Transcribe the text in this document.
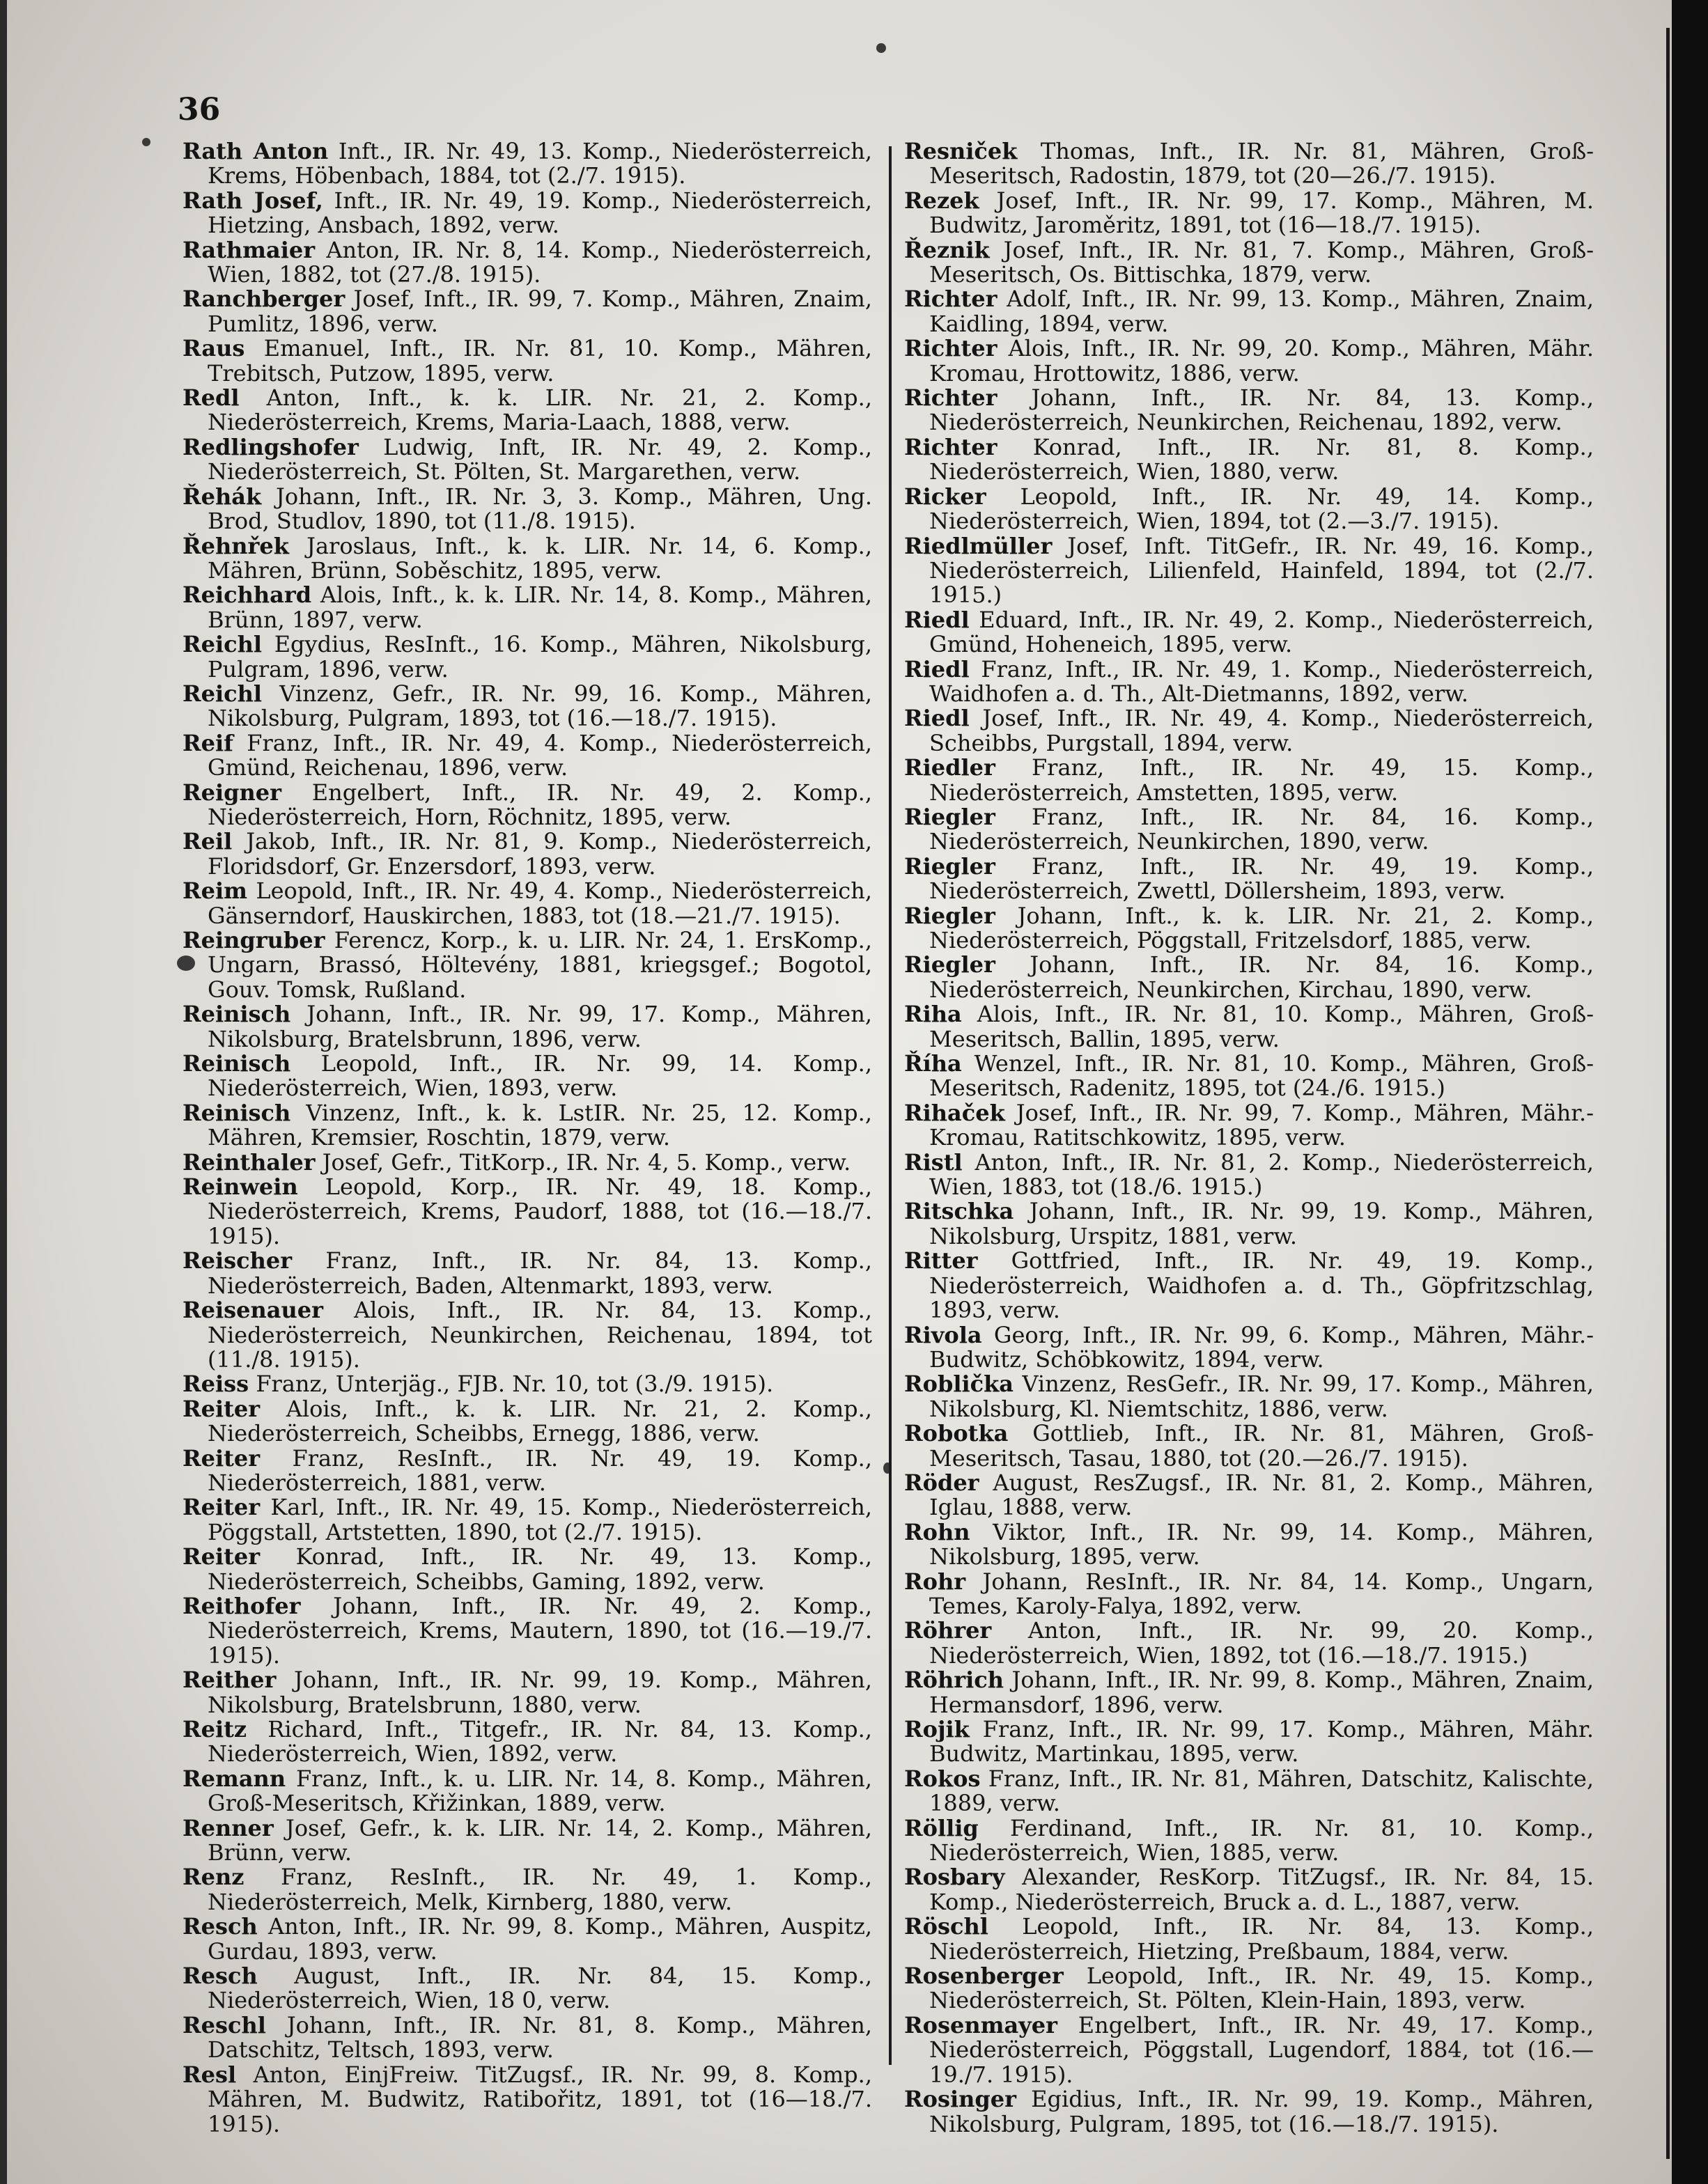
36
Rath Anton Inft., IR. Nr. 49, 13. Komp., Niederösterreich, Krems, Höbenbach, 1884, tot (2./7. 1915).
Rath Josef, Inft., IR. Nr. 49, 19. Komp., Niederösterreich, Hietzing, Ansbach, 1892, verw.
Rathmaier Anton, IR. Nr. 8, 14. Komp., Niederösterreich, Wien, 1882, tot (27./8. 1915).
Ranchberger Josef, Inft., IR. 99, 7. Komp., Mähren, Znaim, Pumlitz, 1896, verw.
Raus Emanuel, Inft., IR. Nr. 81, 10. Komp., Mähren, Trebitsch, Putzow, 1895, verw.
Redl Anton, Inft., k. k. LIR. Nr. 21, 2. Komp., Niederösterreich, Krems, Maria-Laach, 1888, verw.
Redlingshofer Ludwig, Inft, IR. Nr. 49, 2. Komp., Niederösterreich, St. Pölten, St. Margarethen, verw.
Řehák Johann, Inft., IR. Nr. 3, 3. Komp., Mähren, Ung. Brod, Studlov, 1890, tot (11./8. 1915).
Řehnřek Jaroslaus, Inft., k. k. LIR. Nr. 14, 6. Komp., Mähren, Brünn, Soběschitz, 1895, verw.
Reichhard Alois, Inft., k. k. LIR. Nr. 14, 8. Komp., Mähren, Brünn, 1897, verw.
Reichl Egydius, ResInft., 16. Komp., Mähren, Nikolsburg, Pulgram, 1896, verw.
Reichl Vinzenz, Gefr., IR. Nr. 99, 16. Komp., Mähren, Nikolsburg, Pulgram, 1893, tot (16.—18./7. 1915).
Reif Franz, Inft., IR. Nr. 49, 4. Komp., Niederösterreich, Gmünd, Reichenau, 1896, verw.
Reigner Engelbert, Inft., IR. Nr. 49, 2. Komp., Niederösterreich, Horn, Röchnitz, 1895, verw.
Reil Jakob, Inft., IR. Nr. 81, 9. Komp., Niederösterreich, Floridsdorf, Gr. Enzersdorf, 1893, verw.
Reim Leopold, Inft., IR. Nr. 49, 4. Komp., Niederösterreich, Gänserndorf, Hauskirchen, 1883, tot (18.—21./7. 1915).
Reingruber Ferencz, Korp., k. u. LIR. Nr. 24, 1. ErsKomp., Ungarn, Brassó, Höltevény, 1881, kriegsgef.; Bogotol, Gouv. Tomsk, Rußland.
Reinisch Johann, Inft., IR. Nr. 99, 17. Komp., Mähren, Nikolsburg, Bratelsbrunn, 1896, verw.
Reinisch Leopold, Inft., IR. Nr. 99, 14. Komp., Niederösterreich, Wien, 1893, verw.
Reinisch Vinzenz, Inft., k. k. LstIR. Nr. 25, 12. Komp., Mähren, Kremsier, Roschtin, 1879, verw.
Reinthaler Josef, Gefr., TitKorp., IR. Nr. 4, 5. Komp., verw.
Reinwein Leopold, Korp., IR. Nr. 49, 18. Komp., Niederösterreich, Krems, Paudorf, 1888, tot (16.—18./7. 1915).
Reischer Franz, Inft., IR. Nr. 84, 13. Komp., Niederösterreich, Baden, Altenmarkt, 1893, verw.
Reisenauer Alois, Inft., IR. Nr. 84, 13. Komp., Niederösterreich, Neunkirchen, Reichenau, 1894, tot (11./8. 1915).
Reiss Franz, Unterjäg., FJB. Nr. 10, tot (3./9. 1915).
Reiter Alois, Inft., k. k. LIR. Nr. 21, 2. Komp., Niederösterreich, Scheibbs, Ernegg, 1886, verw.
Reiter Franz, ResInft., IR. Nr. 49, 19. Komp., Niederösterreich, 1881, verw.
Reiter Karl, Inft., IR. Nr. 49, 15. Komp., Niederösterreich, Pöggstall, Artstetten, 1890, tot (2./7. 1915).
Reiter Konrad, Inft., IR. Nr. 49, 13. Komp., Niederösterreich, Scheibbs, Gaming, 1892, verw.
Reithofer Johann, Inft., IR. Nr. 49, 2. Komp., Niederösterreich, Krems, Mautern, 1890, tot (16.—19./7. 1915).
Reither Johann, Inft., IR. Nr. 99, 19. Komp., Mähren, Nikolsburg, Bratelsbrunn, 1880, verw.
Reitz Richard, Inft., Titgefr., IR. Nr. 84, 13. Komp., Niederösterreich, Wien, 1892, verw.
Remann Franz, Inft., k. u. LIR. Nr. 14, 8. Komp., Mähren, Groß-Meseritsch, Křižinkan, 1889, verw.
Renner Josef, Gefr., k. k. LIR. Nr. 14, 2. Komp., Mähren, Brünn, verw.
Renz Franz, ResInft., IR. Nr. 49, 1. Komp., Niederösterreich, Melk, Kirnberg, 1880, verw.
Resch Anton, Inft., IR. Nr. 99, 8. Komp., Mähren, Auspitz, Gurdau, 1893, verw.
Resch August, Inft., IR. Nr. 84, 15. Komp., Niederösterreich, Wien, 18 0, verw.
Reschl Johann, Inft., IR. Nr. 81, 8. Komp., Mähren, Datschitz, Teltsch, 1893, verw.
Resl Anton, EinjFreiw. TitZugsf., IR. Nr. 99, 8. Komp., Mähren, M. Budwitz, Ratibořitz, 1891, tot (16—18./7. 1915).
Resniček Thomas, Inft., IR. Nr. 81, Mähren, Groß-Meseritsch, Radostin, 1879, tot (20—26./7. 1915).
Rezek Josef, Inft., IR. Nr. 99, 17. Komp., Mähren, M. Budwitz, Jaroměritz, 1891, tot (16—18./7. 1915).
Řeznik Josef, Inft., IR. Nr. 81, 7. Komp., Mähren, Groß-Meseritsch, Os. Bittischka, 1879, verw.
Richter Adolf, Inft., IR. Nr. 99, 13. Komp., Mähren, Znaim, Kaidling, 1894, verw.
Richter Alois, Inft., IR. Nr. 99, 20. Komp., Mähren, Mähr. Kromau, Hrottowitz, 1886, verw.
Richter Johann, Inft., IR. Nr. 84, 13. Komp., Niederösterreich, Neunkirchen, Reichenau, 1892, verw.
Richter Konrad, Inft., IR. Nr. 81, 8. Komp., Niederösterreich, Wien, 1880, verw.
Ricker Leopold, Inft., IR. Nr. 49, 14. Komp., Niederösterreich, Wien, 1894, tot (2.—3./7. 1915).
Riedlmüller Josef, Inft. TitGefr., IR. Nr. 49, 16. Komp., Niederösterreich, Lilienfeld, Hainfeld, 1894, tot (2./7. 1915.)
Riedl Eduard, Inft., IR. Nr. 49, 2. Komp., Niederösterreich, Gmünd, Hoheneich, 1895, verw.
Riedl Franz, Inft., IR. Nr. 49, 1. Komp., Niederösterreich, Waidhofen a. d. Th., Alt-Dietmanns, 1892, verw.
Riedl Josef, Inft., IR. Nr. 49, 4. Komp., Niederösterreich, Scheibbs, Purgstall, 1894, verw.
Riedler Franz, Inft., IR. Nr. 49, 15. Komp., Niederösterreich, Amstetten, 1895, verw.
Riegler Franz, Inft., IR. Nr. 84, 16. Komp., Niederösterreich, Neunkirchen, 1890, verw.
Riegler Franz, Inft., IR. Nr. 49, 19. Komp., Niederösterreich, Zwettl, Döllersheim, 1893, verw.
Riegler Johann, Inft., k. k. LIR. Nr. 21, 2. Komp., Niederösterreich, Pöggstall, Fritzelsdorf, 1885, verw.
Riegler Johann, Inft., IR. Nr. 84, 16. Komp., Niederösterreich, Neunkirchen, Kirchau, 1890, verw.
Riha Alois, Inft., IR. Nr. 81, 10. Komp., Mähren, Groß-Meseritsch, Ballin, 1895, verw.
Říha Wenzel, Inft., IR. Nr. 81, 10. Komp., Mähren, Groß-Meseritsch, Radenitz, 1895, tot (24./6. 1915.)
Rihaček Josef, Inft., IR. Nr. 99, 7. Komp., Mähren, Mähr.-Kromau, Ratitschkowitz, 1895, verw.
Ristl Anton, Inft., IR. Nr. 81, 2. Komp., Niederösterreich, Wien, 1883, tot (18./6. 1915.)
Ritschka Johann, Inft., IR. Nr. 99, 19. Komp., Mähren, Nikolsburg, Urspitz, 1881, verw.
Ritter Gottfried, Inft., IR. Nr. 49, 19. Komp., Niederösterreich, Waidhofen a. d. Th., Göpfritzschlag, 1893, verw.
Rivola Georg, Inft., IR. Nr. 99, 6. Komp., Mähren, Mähr.-Budwitz, Schöbkowitz, 1894, verw.
Roblička Vinzenz, ResGefr., IR. Nr. 99, 17. Komp., Mähren, Nikolsburg, Kl. Niemtschitz, 1886, verw.
Robotka Gottlieb, Inft., IR. Nr. 81, Mähren, Groß-Meseritsch, Tasau, 1880, tot (20.—26./7. 1915).
Röder August, ResZugsf., IR. Nr. 81, 2. Komp., Mähren, Iglau, 1888, verw.
Rohn Viktor, Inft., IR. Nr. 99, 14. Komp., Mähren, Nikolsburg, 1895, verw.
Rohr Johann, ResInft., IR. Nr. 84, 14. Komp., Ungarn, Temes, Karoly-Falya, 1892, verw.
Röhrer Anton, Inft., IR. Nr. 99, 20. Komp., Niederösterreich, Wien, 1892, tot (16.—18./7. 1915.)
Röhrich Johann, Inft., IR. Nr. 99, 8. Komp., Mähren, Znaim, Hermansdorf, 1896, verw.
Rojik Franz, Inft., IR. Nr. 99, 17. Komp., Mähren, Mähr. Budwitz, Martinkau, 1895, verw.
Rokos Franz, Inft., IR. Nr. 81, Mähren, Datschitz, Kalischte, 1889, verw.
Röllig Ferdinand, Inft., IR. Nr. 81, 10. Komp., Niederösterreich, Wien, 1885, verw.
Rosbary Alexander, ResKorp. TitZugsf., IR. Nr. 84, 15. Komp., Niederösterreich, Bruck a. d. L., 1887, verw.
Röschl Leopold, Inft., IR. Nr. 84, 13. Komp., Niederösterreich, Hietzing, Preßbaum, 1884, verw.
Rosenberger Leopold, Inft., IR. Nr. 49, 15. Komp., Niederösterreich, St. Pölten, Klein-Hain, 1893, verw.
Rosenmayer Engelbert, Inft., IR. Nr. 49, 17. Komp., Niederösterreich, Pöggstall, Lugendorf, 1884, tot (16.—19./7. 1915).
Rosinger Egidius, Inft., IR. Nr. 99, 19. Komp., Mähren, Nikolsburg, Pulgram, 1895, tot (16.—18./7. 1915).
